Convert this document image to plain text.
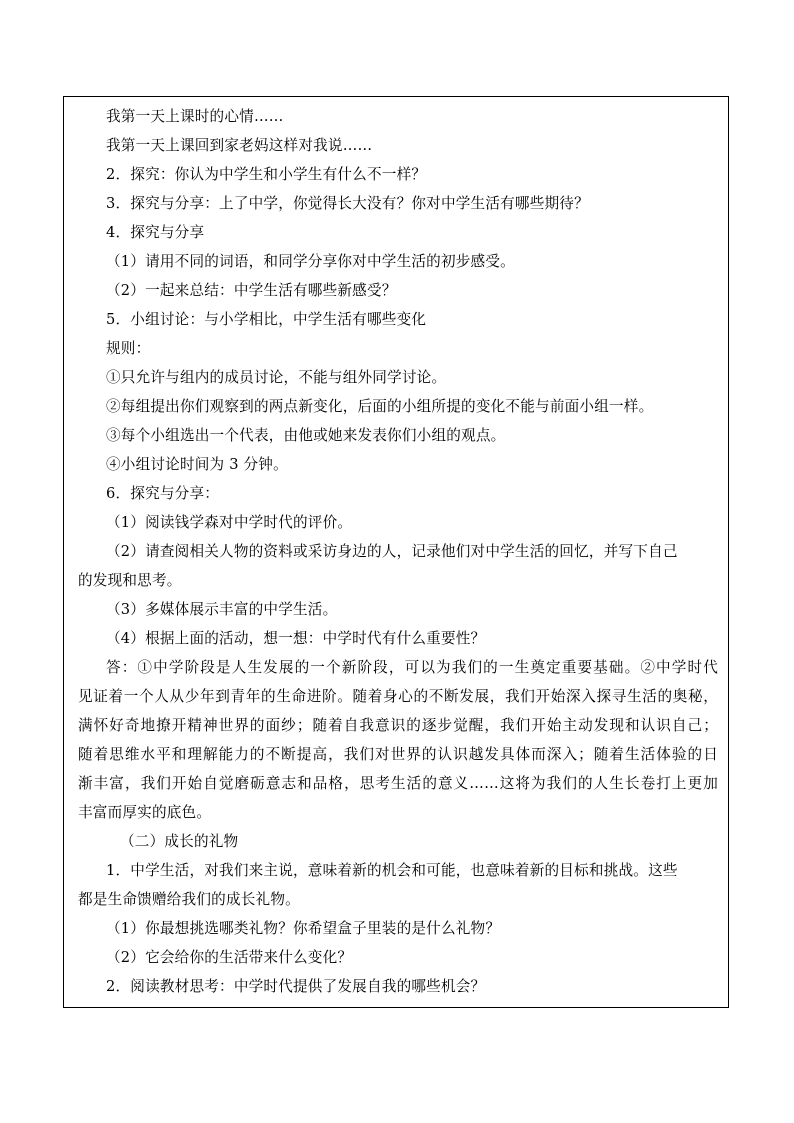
我第一天上课时的心情……
我第一天上课回到家老妈这样对我说……
2．探究：你认为中学生和小学生有什么不一样？
3．探究与分享：上了中学，你觉得长大没有？你对中学生活有哪些期待？
4．探究与分享
（1）请用不同的词语，和同学分享你对中学生活的初步感受。
（2）一起来总结：中学生活有哪些新感受？
5．小组讨论：与小学相比，中学生活有哪些变化
规则：
①只允许与组内的成员讨论，不能与组外同学讨论。
②每组提出你们观察到的两点新变化，后面的小组所提的变化不能与前面小组一样。
③每个小组选出一个代表，由他或她来发表你们小组的观点。
④小组讨论时间为 3 分钟。
6．探究与分享：
（1）阅读钱学森对中学时代的评价。
（2）请查阅相关人物的资料或采访身边的人，记录他们对中学生活的回忆，并写下自己
的发现和思考。
（3）多媒体展示丰富的中学生活。
（4）根据上面的活动，想一想：中学时代有什么重要性？
答：①中学阶段是人生发展的一个新阶段，可以为我们的一生奠定重要基础。②中学时代
见证着一个人从少年到青年的生命进阶。随着身心的不断发展，我们开始深入探寻生活的奥秘，
满怀好奇地撩开精神世界的面纱；随着自我意识的逐步觉醒，我们开始主动发现和认识自己；
随着思维水平和理解能力的不断提高，我们对世界的认识越发具体而深入；随着生活体验的日
渐丰富，我们开始自觉磨砺意志和品格，思考生活的意义……这将为我们的人生长卷打上更加
丰富而厚实的底色。
（二）成长的礼物
1．中学生活，对我们来主说，意味着新的机会和可能，也意味着新的目标和挑战。这些
都是生命馈赠给我们的成长礼物。
（1）你最想挑选哪类礼物？你希望盒子里装的是什么礼物？
（2）它会给你的生活带来什么变化？
2．阅读教材思考：中学时代提供了发展自我的哪些机会？
